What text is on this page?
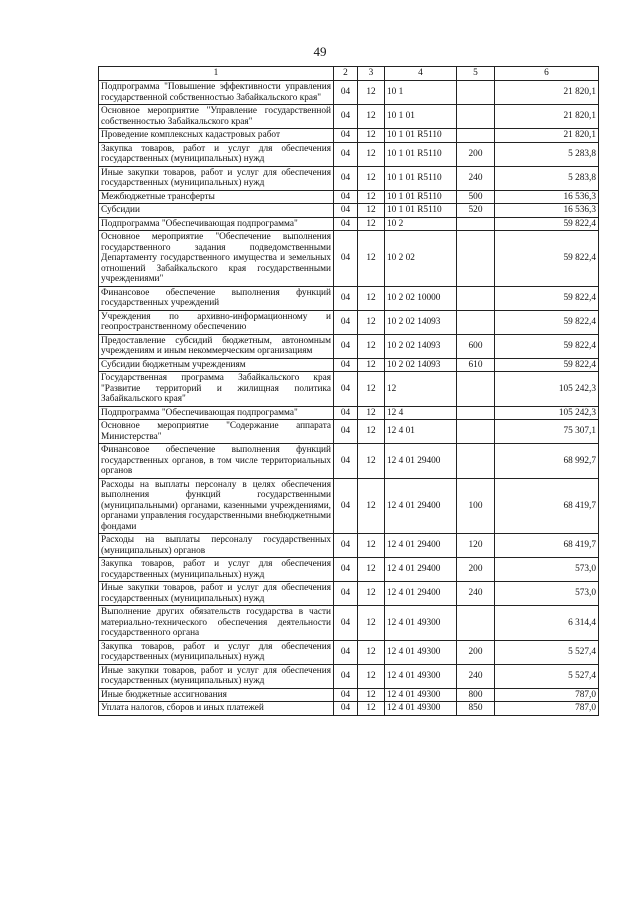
49
1	2	3	4	5	6
Подпрограмма "Повышение эффективности управления государственной собственностью Забайкальского края"	04	12	10 1		21 820,1
Основное мероприятие "Управление государственной собственностью Забайкальского края"	04	12	10 1 01		21 820,1
Проведение комплексных кадастровых работ	04	12	10 1 01 R5110		21 820,1
Закупка товаров, работ и услуг для обеспечения государственных (муниципальных) нужд	04	12	10 1 01 R5110	200	5 283,8
Иные закупки товаров, работ и услуг для обеспечения государственных (муниципальных) нужд	04	12	10 1 01 R5110	240	5 283,8
Межбюджетные трансферты	04	12	10 1 01 R5110	500	16 536,3
Субсидии	04	12	10 1 01 R5110	520	16 536,3
Подпрограмма "Обеспечивающая подпрограмма"	04	12	10 2		59 822,4
Основное мероприятие "Обеспечение выполнения государственного задания подведомственными Департаменту государственного имущества и земельных отношений Забайкальского края государственными учреждениями"	04	12	10 2 02		59 822,4
Финансовое обеспечение выполнения функций государственных учреждений	04	12	10 2 02 10000		59 822,4
Учреждения по архивно-информационному и геопространственному обеспечению	04	12	10 2 02 14093		59 822,4
Предоставление субсидий бюджетным, автономным учреждениям и иным некоммерческим организациям	04	12	10 2 02 14093	600	59 822,4
Субсидии бюджетным учреждениям	04	12	10 2 02 14093	610	59 822,4
Государственная программа Забайкальского края "Развитие территорий и жилищная политика Забайкальского края"	04	12	12		105 242,3
Подпрограмма "Обеспечивающая подпрограмма"	04	12	12 4		105 242,3
Основное мероприятие "Содержание аппарата Министерства"	04	12	12 4 01		75 307,1
Финансовое обеспечение выполнения функций государственных органов, в том числе территориальных органов	04	12	12 4 01 29400		68 992,7
Расходы на выплаты персоналу в целях обеспечения выполнения функций государственными (муниципальными) органами, казенными учреждениями, органами управления государственными внебюджетными фондами	04	12	12 4 01 29400	100	68 419,7
Расходы на выплаты персоналу государственных (муниципальных) органов	04	12	12 4 01 29400	120	68 419,7
Закупка товаров, работ и услуг для обеспечения государственных (муниципальных) нужд	04	12	12 4 01 29400	200	573,0
Иные закупки товаров, работ и услуг для обеспечения государственных (муниципальных) нужд	04	12	12 4 01 29400	240	573,0
Выполнение других обязательств государства в части материально-технического обеспечения деятельности государственного органа	04	12	12 4 01 49300		6 314,4
Закупка товаров, работ и услуг для обеспечения государственных (муниципальных) нужд	04	12	12 4 01 49300	200	5 527,4
Иные закупки товаров, работ и услуг для обеспечения государственных (муниципальных) нужд	04	12	12 4 01 49300	240	5 527,4
Иные бюджетные ассигнования	04	12	12 4 01 49300	800	787,0
Уплата налогов, сборов и иных платежей	04	12	12 4 01 49300	850	787,0
